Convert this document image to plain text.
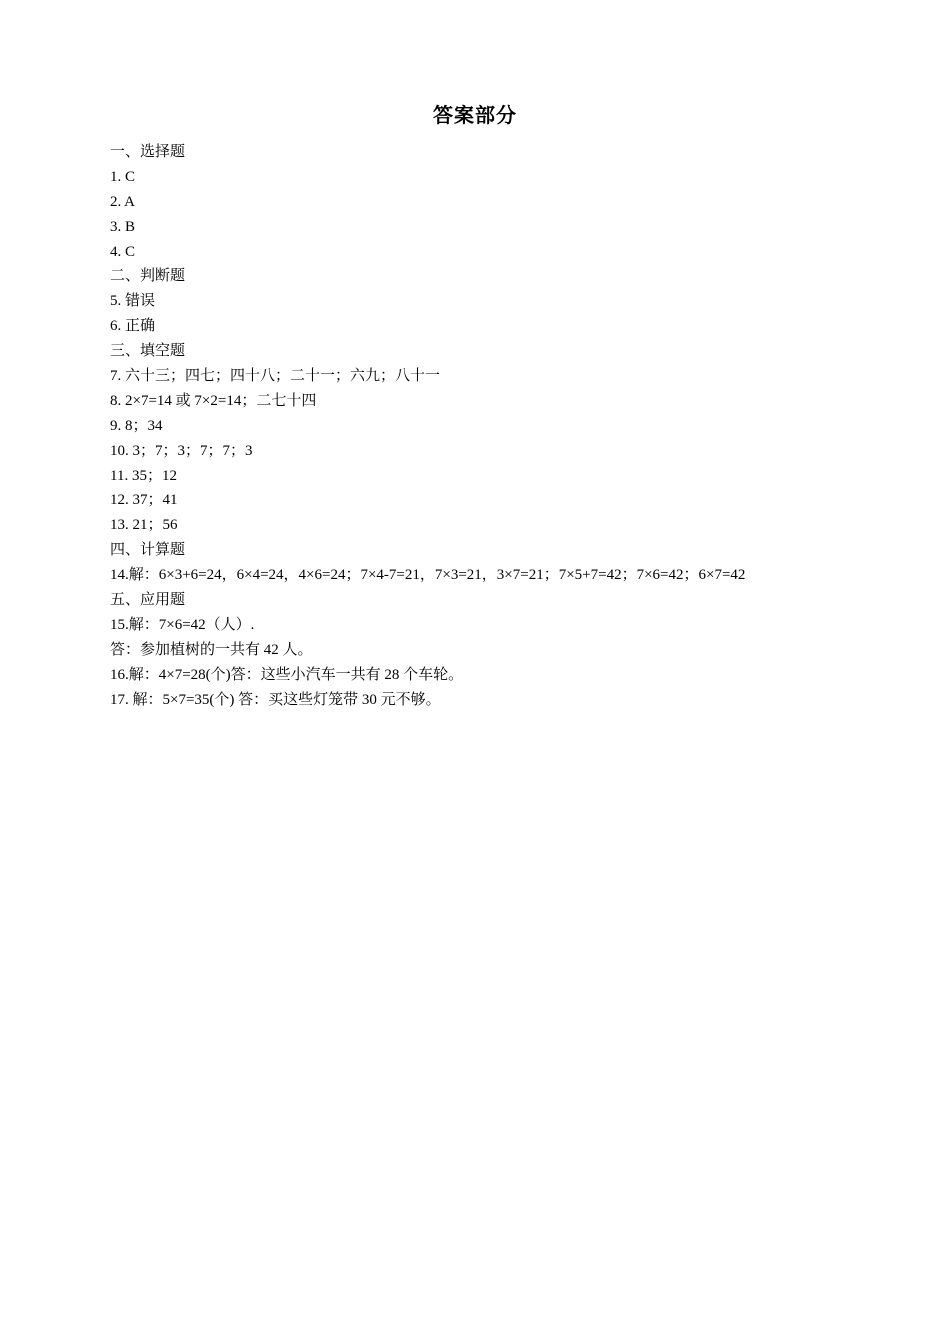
答案部分
一、选择题
1. C
2. A
3. B
4. C
二、判断题
5. 错误
6. 正确
三、填空题
7. 六十三；四七；四十八；二十一；六九；八十一
8. 2×7=14 或 7×2=14；二七十四
9. 8；34
10. 3；7；3；7；7；3
11. 35；12
12. 37；41
13. 21；56
四、计算题
14.解：6×3+6=24，6×4=24，4×6=24；7×4-7=21，7×3=21，3×7=21；7×5+7=42；7×6=42；6×7=42
五、应用题
15.解：7×6=42（人）.
答：参加植树的一共有 42 人。
16.解：4×7=28(个)答：这些小汽车一共有 28 个车轮。
17. 解：5×7=35(个) 答：买这些灯笼带 30 元不够。
